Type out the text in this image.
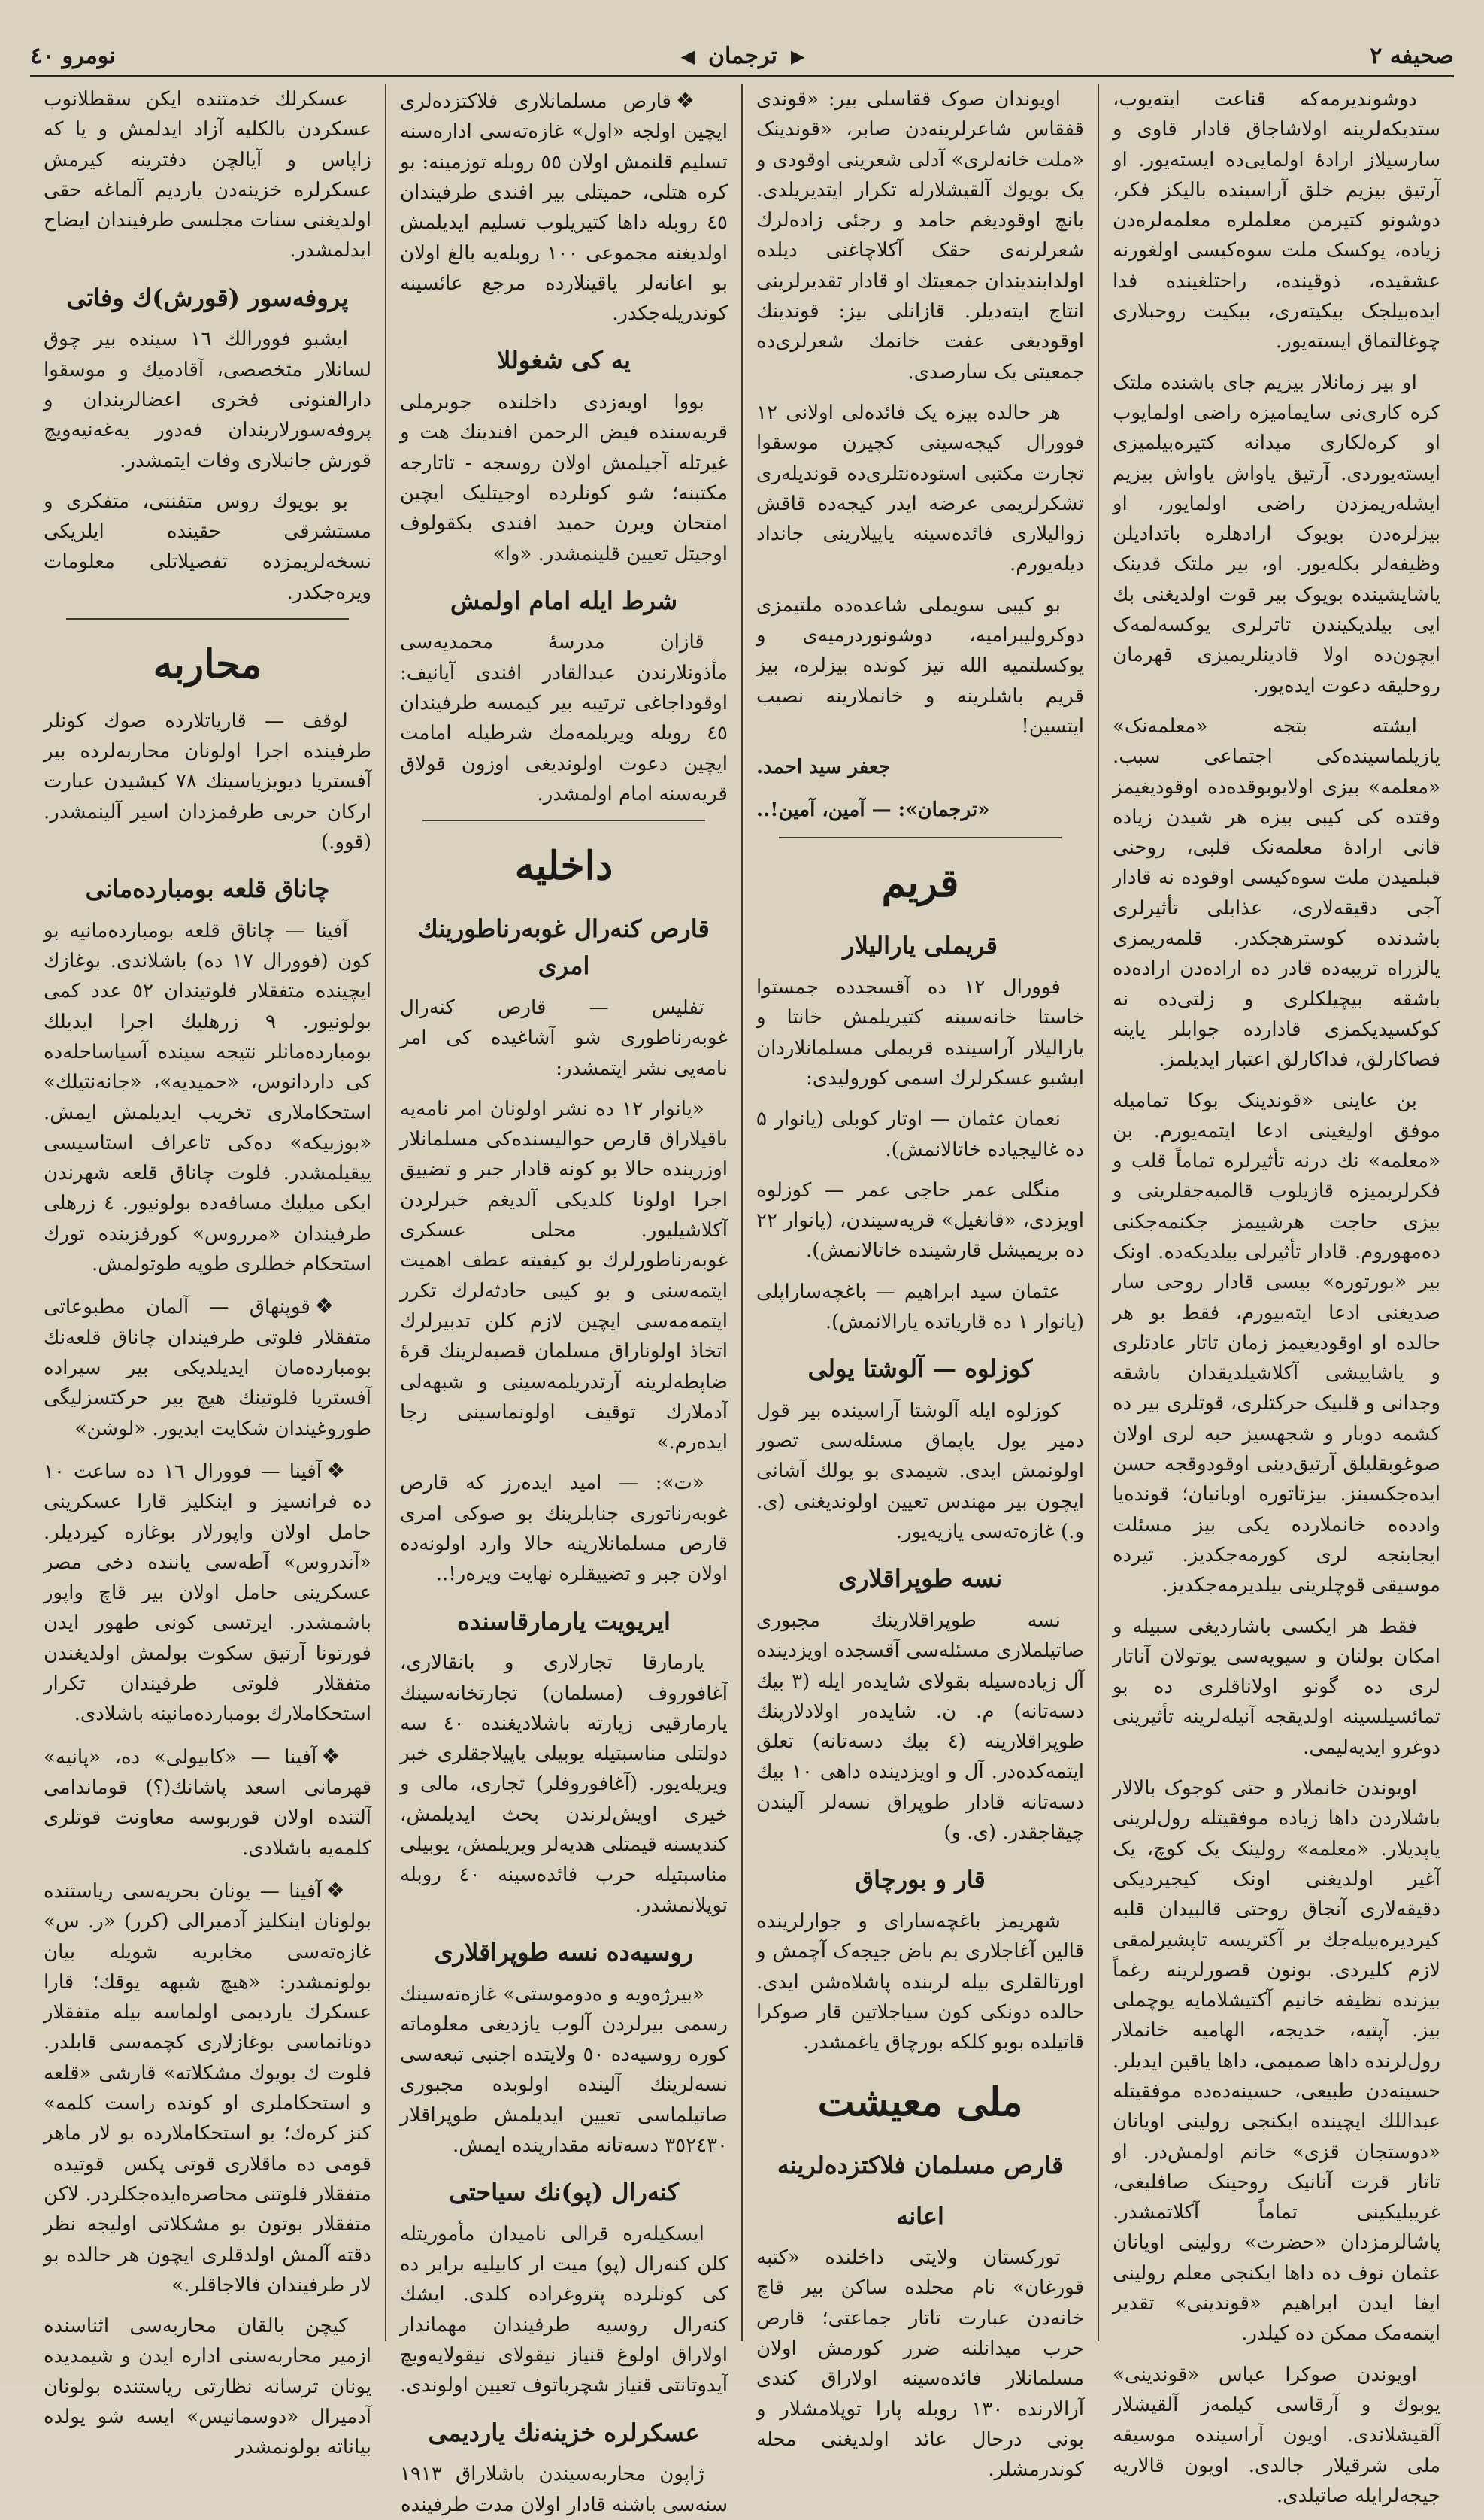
صحیفه ۲
▶
ترجمان
◀
نومرو ٤٠

دوشوندیرمه‌که قناعت ایته‌یوب، ستدیکه‌لرینه اولاشاجاق قادار قاوی و سارسیلاز ارادهٔ اولمایی‌ده ایسته‌یور. او آرتیق بیزیم خلق آراسینده بالیکز فکر، دوشونو کتیرمن معلملره معلمه‌لره‌دن زیاده، یوکسک ملت سوه‌کیسی اولغورنه عشقیده، ذوقینده، راحتلغینده فدا ایده‌بیلجک بیکیته‌ری، بیکیت روحبلاری چوغالتماق ایسته‌یور.

او بیر زمانلار بیزیم جای باشنده ملتک کره کاری‌نی سایمامیزه راضی اولمایوب او کره‌لکاری میدانه کتیره‌بیلمیزی ایسته‌یوردی. آرتیق یاواش یاواش بیزیم ایشله‌ریمزدن راضی اولمایور، او بیزلره‌دن بویوک ارادهلره باتدادیلن وظیفه‌لر بکله‌یور. او، بیر ملتک قدینک یاشایشینده بویوک بیر قوت اولدیغنی بك ایی بیلدیکیندن تاترلری یوکسه‌لمه‌ک ایچون‌ده اولا قادینلریمیزی قهرمان روحلیقه دعوت ایده‌یور.

ایشته بتجه «معلمه‌نک» یازیلماسینده‌کی اجتماعی سبب. «معلمه» بیزی اولایوبوقده‌ده اوقودیغیمز وقتده کی کیبی بیزه هر شیدن زیاده قانی ارادهٔ معلمه‌نک قلبی، روحنی قبلمیدن ملت سوه‌کیسی اوقوده نه قادار آجی دقیقه‌لاری، عذابلی تأثیرلری باشدنده کوسترهجکدر. قلمه‌ریمزی یالزراه تریبه‌ده قادر ده اراده‌دن اراده‌ده باشقه بیچیلکلری و زلتی‌ده نه کوکسیدیکمزی قادارده جوابلر یاینه فصاکارلق، فداکارلق اعتبار ایدیلمز.

بن عاینی «قوندینک بوکا تمامیله موفق اولیغینی ادعا ایتمه‌یورم. بن «معلمه» نك درنه تأثیرلره تماماً قلب و فکرلریمیزه قازیلوب قالمیه‌جقلرینی و بیزی حاجت هرشییمز جکنمه‌جکنی ده‌مهوروم. قادار تأثیرلی بیلدیکه‌ده. اونک بیر «بورتوره» بیسی قادار روحی سار صدیغنی ادعا ایته‌بیورم، فقط بو هر حالده او اوقودیغیمز زمان تاتار عادتلری و یاشاییشی آکلاشیلدیقدان باشقه وجدانی و قلبیک حرکتلری، قوتلری بیر ده کشمه دوبار و شجهسیز حبه لری اولان صوغوبقلیلق آرتیق‌دینی اوقودوقجه حسن ایده‌جکسینز. بیزتاتوره اوبانیان؛ قونده‌یا وادده‌ه خانملارده یکی بیز مسئلت ایجابنجه لری کورمه‌جکدیز. تیرده موسیقی قوچلرینی بیلدیرمه‌جکدیز.

فقط هر ایکسی باشاردیغی سبیله و امکان بولنان و سیویه‌سی یوتولان آناتار لری ده گونو اولاناقلری ده بو تمائسیلسینه اولدیقجه آنیله‌لرینه تأثیرینی دوغرو ایدیه‌لیمی.

اویوندن خانملار و حتی کوجوک بالالار باشلاردن داها زیاده موفقیتله رول‌لرینی یاپدیلار. «معلمه» رولینک یک کوچ، یک آغیر اولدیغنی اونک کیجیردیکی دقیقه‌لاری آنجاق روحتی قالبیدان قلبه کیردیره‌بیله‌جك بر آکتریسه تاپشیرلمقی لازم کلیردی. بونون قصورلرینه رغماً بیزنده نظیفه خانیم آکتیشلامایه یوچملی بیز. آپتیه، خدیجه، الهامیه خانملار رول‌لرنده داها صمیمی، داها یاقین ایدیلر. حسینه‌دن طبیعی، حسینه‌ده‌ده موفقیتله عبداللك ایچینده ایکنجی رولینی اویانان «دوستجان قزی» خانم اولمش‌در. او تاتار قرت آنانیک روحینک صافلیغی، غریبلیکینی تماماً آکلاتمشدر. پاشالرمزدان «حضرت» رولینی اویانان عثمان نوف ده داها ایکنجی معلم رولینی ایفا ایدن ابراهیم «قوندینی» تقدیر ایتمه‌مک ممکن ده کیلدر.

اویوندن صوکرا عباس «قوندینی» یوبوك و آرقاسی کیلمه‌ز آلقیشلار آلقیشلاندی. اویون آراسینده موسیقه ملی شرقیلار جالدی. اویون قالاریه جیجه‌لرایله صاتیلدی.

اویوندان صوک ققاسلی بیر: «قوندی قفقاس شاعرلرینه‌دن صابر، «قوندینک «ملت خانه‌لری» آدلی شعرینی اوقودی و یک بویوك آلقیشلارله تکرار ایتدیریلدی. بانچ اوقودیغم حامد و رجئی زاده‌لرك شعرلرنه‌ی حقک آکلاچاغنی دیلده اولدابندیندان جمعیتك او قادار تقدیرلرینی انتاج ایته‌دیلر. قازانلی بیز: قوندینك اوقودیغی عفت خانمك شعرلری‌ده جمعیتی یک سارصدی.

هر حالده بیزه یک فائده‌لی اولانی ۱۲ فوورال کیجه‌سینی کچیرن موسقوا تجارت مکتبی استوده‌نتلری‌ده قوندیله‌ری تشکرلریمی عرضه ایدر کیجه‌ده قاقش زوالیلاری فائده‌سینه یاپیلارینی جانداد دیله‌یورم.

بو کیبی سویملی شاعده‌ده ملتیمزی دوکرولیبرامیه، دوشونوردرمیه‌ی و یوکسلتمیه الله تیز کونده بیزلره، بیز قریم باشلرینه و خانملارینه نصیب ایتسین!

جعفر سید احمد.
«ترجمان»: — آمین، آمین!..
قریم
قریملی یارالیلار

فوورال ۱۲ ده آقسجدده جمستوا خاستا خانه‌سینه کتیریلمش خانتا و یارالیلار آراسینده قریملی مسلمانلاردان ایشبو عسکرلرك اسمی کورولیدی:

نعمان عثمان — اوتار کوبلی (یانوار ۵ ده غالیجیاده خاتالانمش).

منگلی عمر حاجی عمر — کوزلوه اویزدی، «قانغیل» قریه‌سیندن، (یانوار ۲۲ ده بریمیشل قارشینده خاتالانمش).

عثمان سید ابراهیم — باغچه‌ساراپلی (یانوار ۱ ده قاریاتده یارالانمش).

کوزلوه — آلوشتا یولی

کوزلوه ایله آلوشتا آراسینده بیر قول دمیر یول یاپماق مسئله‌سی تصور اولونمش ایدی. شیمدی بو یولك آشانی ایچون بیر مهندس تعیین اولوندیغنی (ی. و.) غازه‌ته‌سی یازیه‌یور.

نسه طوپراقلاری

نسه طوپراقلارینك مجبوری صاتیلملاری مسئله‌سی آقسجده اویزدینده آل زیاده‌سیله بقولای شایده‌ر ایله (۳ بیك دسه‌تانه) م. ن. شایده‌ر اولادلارینك طوپراقلارینه (٤ بیك دسه‌تانه) تعلق ایتمه‌کده‌در. آل و اویزدینده داهی ۱۰ بیك دسه‌تانه قادار طوپراق نسه‌لر آلیندن چیقاجقدر. (ی. و)

قار و بورچاق

شهریمز باغچه‌سارای و جوارلرینده قالین آغاجلاری بم باض جیجه‌ک آچمش و اورتالقلری بیله لربنده پاشلاه‌شن ایدی. حالده دونکی کون سیاجلاتین قار صوکرا قاتیلده بوبو کلکه بورچاق یاغمشدر.

ملی معیشت
قارص مسلمان فلاکتزده‌لرینه
اعانه

تورکستان ولایتی داخلنده «کتبه قورغان» نام محلده ساکن بیر قاچ خانه‌دن عبارت تاتار جماعتی؛ قارص حرب میدانلنه ضرر کورمش اولان مسلمانلار فائده‌سینه اولاراق کندی آرالارنده ۱۳۰ روبله پارا توپلامشلار و بونی درحال عائد اولدیغنی محله کوندرمشلر.

❖قارص مسلمانلاری فلاکتزده‌لری ایچین اولجه «اول» غازه‌ته‌سی اداره‌سنه تسلیم قلنمش اولان ٥٥ روبله توزمینه: بو کره هتلی، حمیتلی بیر افندی طرفیندان ٤٥ روبله داها کتیریلوب تسلیم ایدیلمش اولدیغنه مجموعی ۱۰۰ روبله‌یه بالغ اولان بو اعانه‌لر یاقینلارده مرجع عائسینه کوندریله‌جکدر.

یه کی شغوللا

بووا اویه‌زدی داخلنده جوبرملی قریه‌سنده فیض الرحمن افندینك هت و غیرتله آجیلمش اولان روسجه - تاتارجه مکتبنه؛ شو کونلرده اوجیتلیک ایچین امتحان ویرن حمید افندی بکقولوف اوجیتل تعیین قلینمشدر. «وا»

شرط ایله امام اولمش

قازان مدرسهٔ محمدیه‌سی مأذونلارندن عبدالقادر افندی آیانیف: اوقوداجاغی ترتیبه بیر کیمسه طرفیندان ٤٥ روبله ویریلمه‌مك شرطیله امامت ایچین دعوت اولوندیغی اوزون قولاق قریه‌سنه امام اولمشدر.

داخلیه
قارص کنه‌رال غوبه‌رناطورینك امری

تفلیس — قارص کنه‌رال غوبه‌رناطوری شو آشاغیده کی امر نامه‌یی نشر ایتمشدر:

«یانوار ۱۲ ده نشر اولونان امر نامه‌یه باقیلاراق قارص حوالیسنده‌کی مسلمانلار اوزرینده حالا بو کونه قادار جبر و تضییق اجرا اولونا کلدیکی آلدیغم خبرلردن آکلاشیلیور. محلی عسکری غوبه‌رناطورلرك بو کیفیته عطف اهمیت ایتمه‌سنی و بو کیبی حادثه‌لرك تکرر ایتمه‌مه‌سی ایچین لازم کلن تدبیرلرك اتخاذ اولوناراق مسلمان قصبه‌لرینك قرهٔ ضاپطه‌لرینه آرتدریلمه‌سینی و شبهه‌لی آدملارك توقیف اولونماسینی رجا ایده‌رم.»

«ت»: — امید ایده‌رز که قارص غوبه‌رناتوری جنابلرینك بو صوکی امری قارص مسلمانلارینه حالا وارد اولونه‌ده اولان جبر و تضییقلره نهایت ویره‌ر!..

ایریویت یارمارقاسنده

یارمارقا تجارلاری و بانقالاری، آغافوروف (مسلمان) تجارتخانه‌سینك یارمارقیی زیارته باشلادیغنده ٤٠ سه دولتلی مناسبتیله یوبیلی یاپیلاجقلری خبر ویریله‌یور. (آغافوروفلر) تجاری، مالی و خیری اویش‌لرندن بحث ایدیلمش، کندیسنه قیمتلی هدیه‌لر ویریلمش، یوبیلی مناسبتیله حرب فائده‌سینه ٤٠ روبله توپلانمشدر.

روسیه‌ده نسه طوپراقلاری

«بیرژه‌ویه و ه‌دوموستی» غازه‌ته‌سینك رسمی بیر‌لردن آلوب یازدیغی معلوماته کوره روسیه‌ده ٥٠ ولایتده اجنبی تبعه‌سی نسه‌لرینك آلینده اولوبده مجبوری صاتیلماسی تعیین ایدیلمش طوپراقلار ۳٥۲٤۳۰ دسه‌تانه مقدارینده ایمش.

کنه‌رال (پو)نك سیاحتی

ایسکیله‌ره قرالی نامیدان مأموریتله کلن کنه‌رال (پو) میت ار کابیلیه برابر ده کی کونلرده پتروغراده کلدی. ایشك کنه‌رال روسیه طرفیندان مهماندار اولاراق اولوغ قنیاز نیقولای نیقولایه‌ویچ آیدوتانتی قنیاز شچرباتوف تعیین اولوندی.

عسکرلره خزینه‌نك یاردیمی

ژاپون محاربه‌سیندن باشلاراق ۱۹۱۳ سنه‌سی باشنه قادار اولان مدت طرفینده

عسکرلك خدمتنده ایکن سقطلانوب عسکردن بالکلیه آزاد ایدلمش و یا که زاپاس و آیالچن دفترینه کیرمش عسکرلره خزینه‌دن یاردیم آلماغه حقی اولدیغنی سنات مجلسی طرفیندان ایضاح ایدلمشدر.

پروفه‌سور (قورش)ك وفاتی

ایشبو فوورالك ۱٦ سینده بیر چوق لسانلار متخصصی، آقادمیك و موسقوا دارالفنونی فخری اعضالریندان و پروفه‌سورلاریندان فه‌دور یه‌غه‌نیه‌ویچ قورش جانبلاری وفات ایتمشدر.

بو بویوك روس متفننی، متفکری و مستشرقی حقینده ایلریکی نسخه‌لریمزده تفصیلاتلی معلومات ویره‌جکدر.

محاربه

لوقف — قاریاتلارده صوك کونلر طرفینده اجرا اولونان محاربه‌لرده بیر آفستریا دیویزیاسینك ۷۸ کیشیدن عبارت ارکان حربی طرفمزدان اسیر آلینمشدر. (قوو.)

چاناق قلعه بومبارده‌مانی

آفینا — چاناق قلعه بومبارده‌مانیه بو کون (فوورال ۱۷ ده) باشلاندی. بوغازك ایچینده متفقلار فلوتیندان ٥۲ عدد کمی بولونیور. ۹ زرهلیك اجرا ایدیلك بومبارده‌مانلر نتیجه سینده آسیاساحله‌ده کی داردانوس، «حمیدیه»، «جانه‌نتیلك» استحکاملاری تخریب ایدیلمش ایمش. «بوزبیکه» ده‌کی تاعراف استاسیسی ییقیلمشدر. فلوت چاناق قلعه شهرندن ایکی میلیك مسافه‌ده بولونیور. ٤ زرهلی طرفیندان «مرروس» کورفزینده تورك استحکام خطلری طوپه طوتولمش.

❖قوپنهاق — آلمان مطبوعاتی متفقلار فلوتی طرفیندان چاناق قلعه‌نك بومبارده‌مان ایدیلدیکی بیر سیراده آفستریا فلوتینك هیچ بیر حرکتسزلیگی طوروغیندان شکایت ایدیور. «لوشن»

❖آفینا — فوورال ١٦ ده ساعت ١٠ ده فرانسیز و اینکلیز قارا عسکرینی حامل اولان واپورلار بوغازه کیردیلر. «آندروس» آطه‌سی یاننده دخی مصر عسکرینی حامل اولان بیر قاچ واپور باشمشدر. ایرتسی کونی طهور ایدن فورتونا آرتیق سکوت بولمش اولدیغندن متفقلار فلوتی طرفیندان تکرار استحکاملارك بومبارده‌مانینه باشلادی.

❖آفینا — «کابیولی» ده، «پانیه» قهرمانی اسعد پاشانك(؟) قوماندامی آلتنده اولان قوربوسه معاونت قوتلری کلمه‌یه باشلادی.

❖آفینا — یونان بحریه‌سی ریاستنده بولونان اینکلیز آدمیرالی (کرر) «ر. س» غازه‌ته‌سی مخابریه شویله بیان بولونمشدر: «هیچ شبهه یوقك؛ قارا عسکرك یاردیمی اولماسه بیله متفقلار دونانماسی بوغازلاری کچمه‌سی قابلدر. فلوت ك بویوك مشکلاته» قارشی «قلعه و استحکاملری او کونده راست کلمه» کنز کره‌ك؛ بو استحکاملارده بو لار ماهر قومی ده ماقلاری قوتی پکس ‌‌ قوتیده‌‌ ‌‌ متفقلار فلوتنی محاصره‌ایده‌جکلردر. لاکن متفقلار بوتون بو مشکلاتی اولیجه نظر دقته آلمش اولدقلری ایچون هر حالده بو لار طرفیندان فالاجاقلر.»

کیچن بالقان محاربه‌سی اثناسنده ازمیر محاربه‌سنی اداره ایدن و شیمدیده یونان ترسانه نظارتی ریاستنده بولونان آدمیرال «دوسمانیس» ایسه شو یولده بیاناته بولونمشدر
